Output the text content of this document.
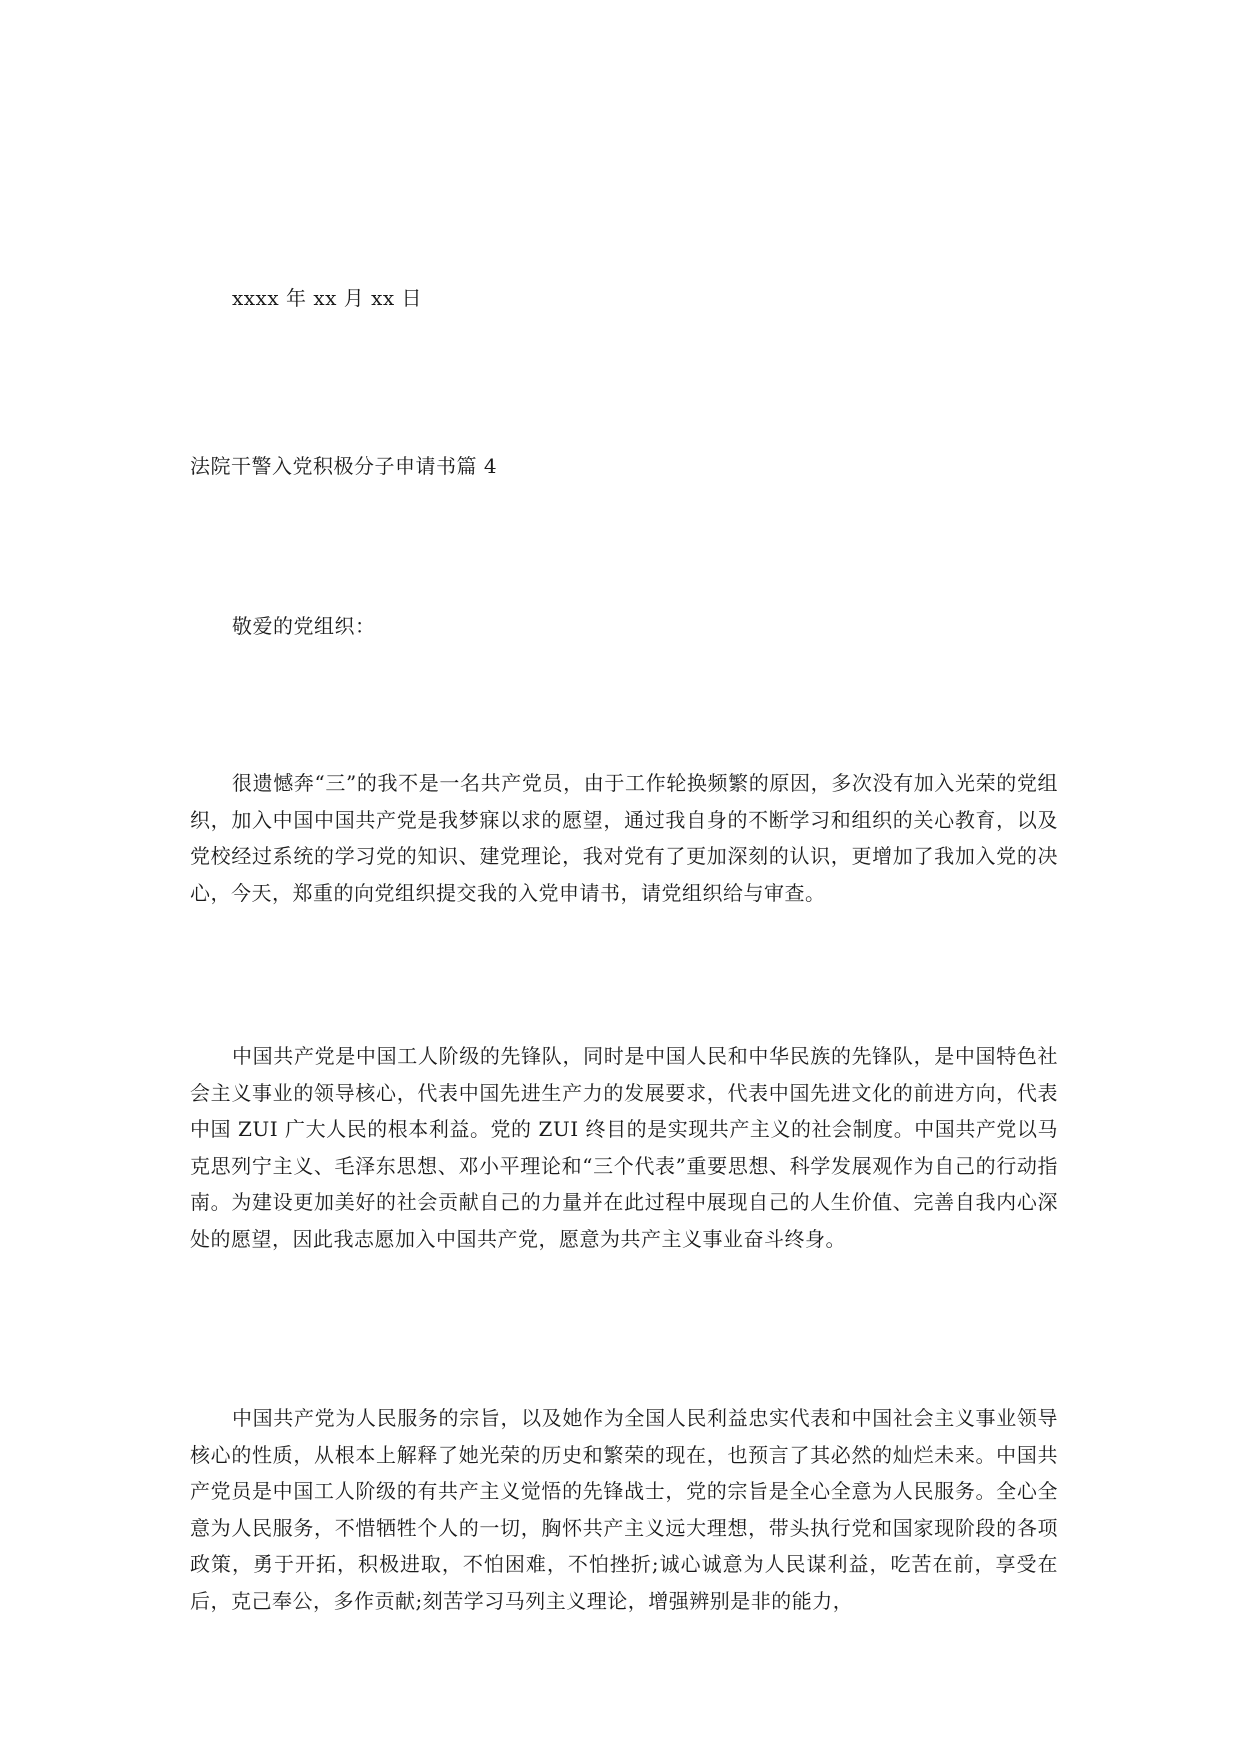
xxxx 年 xx 月 xx 日
法院干警入党积极分子申请书篇 4
敬爱的党组织：
很遗憾奔“三”的我不是一名共产党员，由于工作轮换频繁的原因，多次没有加入光荣的党组织，加入中国中国共产党是我梦寐以求的愿望，通过我自身的不断学习和组织的关心教育，以及党校经过系统的学习党的知识、建党理论，我对党有了更加深刻的认识，更增加了我加入党的决心，今天，郑重的向党组织提交我的入党申请书，请党组织给与审查。
中国共产党是中国工人阶级的先锋队，同时是中国人民和中华民族的先锋队，是中国特色社会主义事业的领导核心，代表中国先进生产力的发展要求，代表中国先进文化的前进方向，代表中国 ZUI 广大人民的根本利益。党的 ZUI 终目的是实现共产主义的社会制度。中国共产党以马克思列宁主义、毛泽东思想、邓小平理论和“三个代表”重要思想、科学发展观作为自己的行动指南。为建设更加美好的社会贡献自己的力量并在此过程中展现自己的人生价值、完善自我内心深处的愿望，因此我志愿加入中国共产党，愿意为共产主义事业奋斗终身。
中国共产党为人民服务的宗旨，以及她作为全国人民利益忠实代表和中国社会主义事业领导核心的性质，从根本上解释了她光荣的历史和繁荣的现在，也预言了其必然的灿烂未来。中国共产党员是中国工人阶级的有共产主义觉悟的先锋战士，党的宗旨是全心全意为人民服务。全心全意为人民服务，不惜牺牲个人的一切，胸怀共产主义远大理想，带头执行党和国家现阶段的各项政策，勇于开拓，积极进取，不怕困难，不怕挫折;诚心诚意为人民谋利益，吃苦在前，享受在后，克己奉公，多作贡献;刻苦学习马列主义理论，增强辨别是非的能力，
